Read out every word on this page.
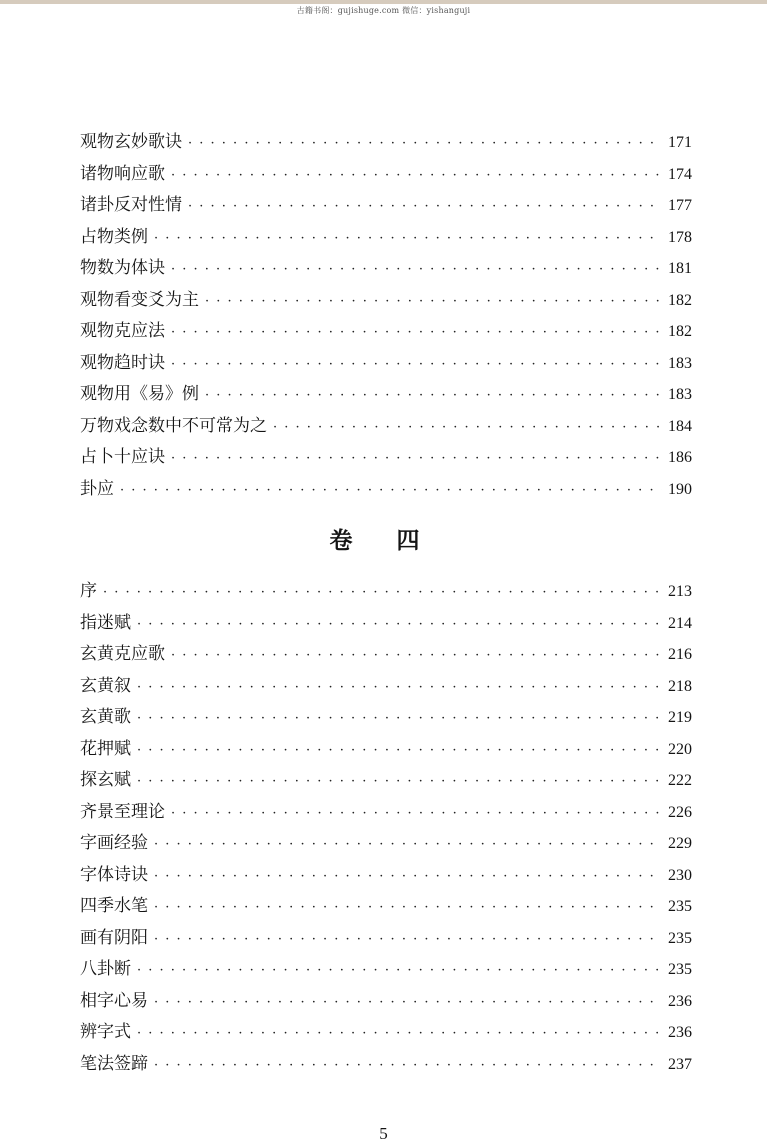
古籍书阁：gujishuge.com 微信：yishanguji
观物玄妙歌诀 · · ·	171
诸物响应歌 · · ·	174
诸卦反对性情 · · ·	177
占物类例 · · ·	178
物数为体诀 · · ·	181
观物看变爻为主 · · ·	182
观物克应法 · · ·	182
观物趋时诀 · · ·	183
观物用《易》例 · · ·	183
万物戏念数中不可常为之 · · ·	184
占卜十应诀 · · ·	186
卦应 · · ·	190
卷 四
序 · · ·	213
指迷赋 · · ·	214
玄黄克应歌 · · ·	216
玄黄叙 · · ·	218
玄黄歌 · · ·	219
花押赋 · · ·	220
探玄赋 · · ·	222
齐景至理论 · · ·	226
字画经验 · · ·	229
字体诗诀 · · ·	230
四季水笔 · · ·	235
画有阴阳 · · ·	235
八卦断 · · ·	235
相字心易 · · ·	236
辨字式 · · ·	236
笔法签蹄 · · ·	237
5
